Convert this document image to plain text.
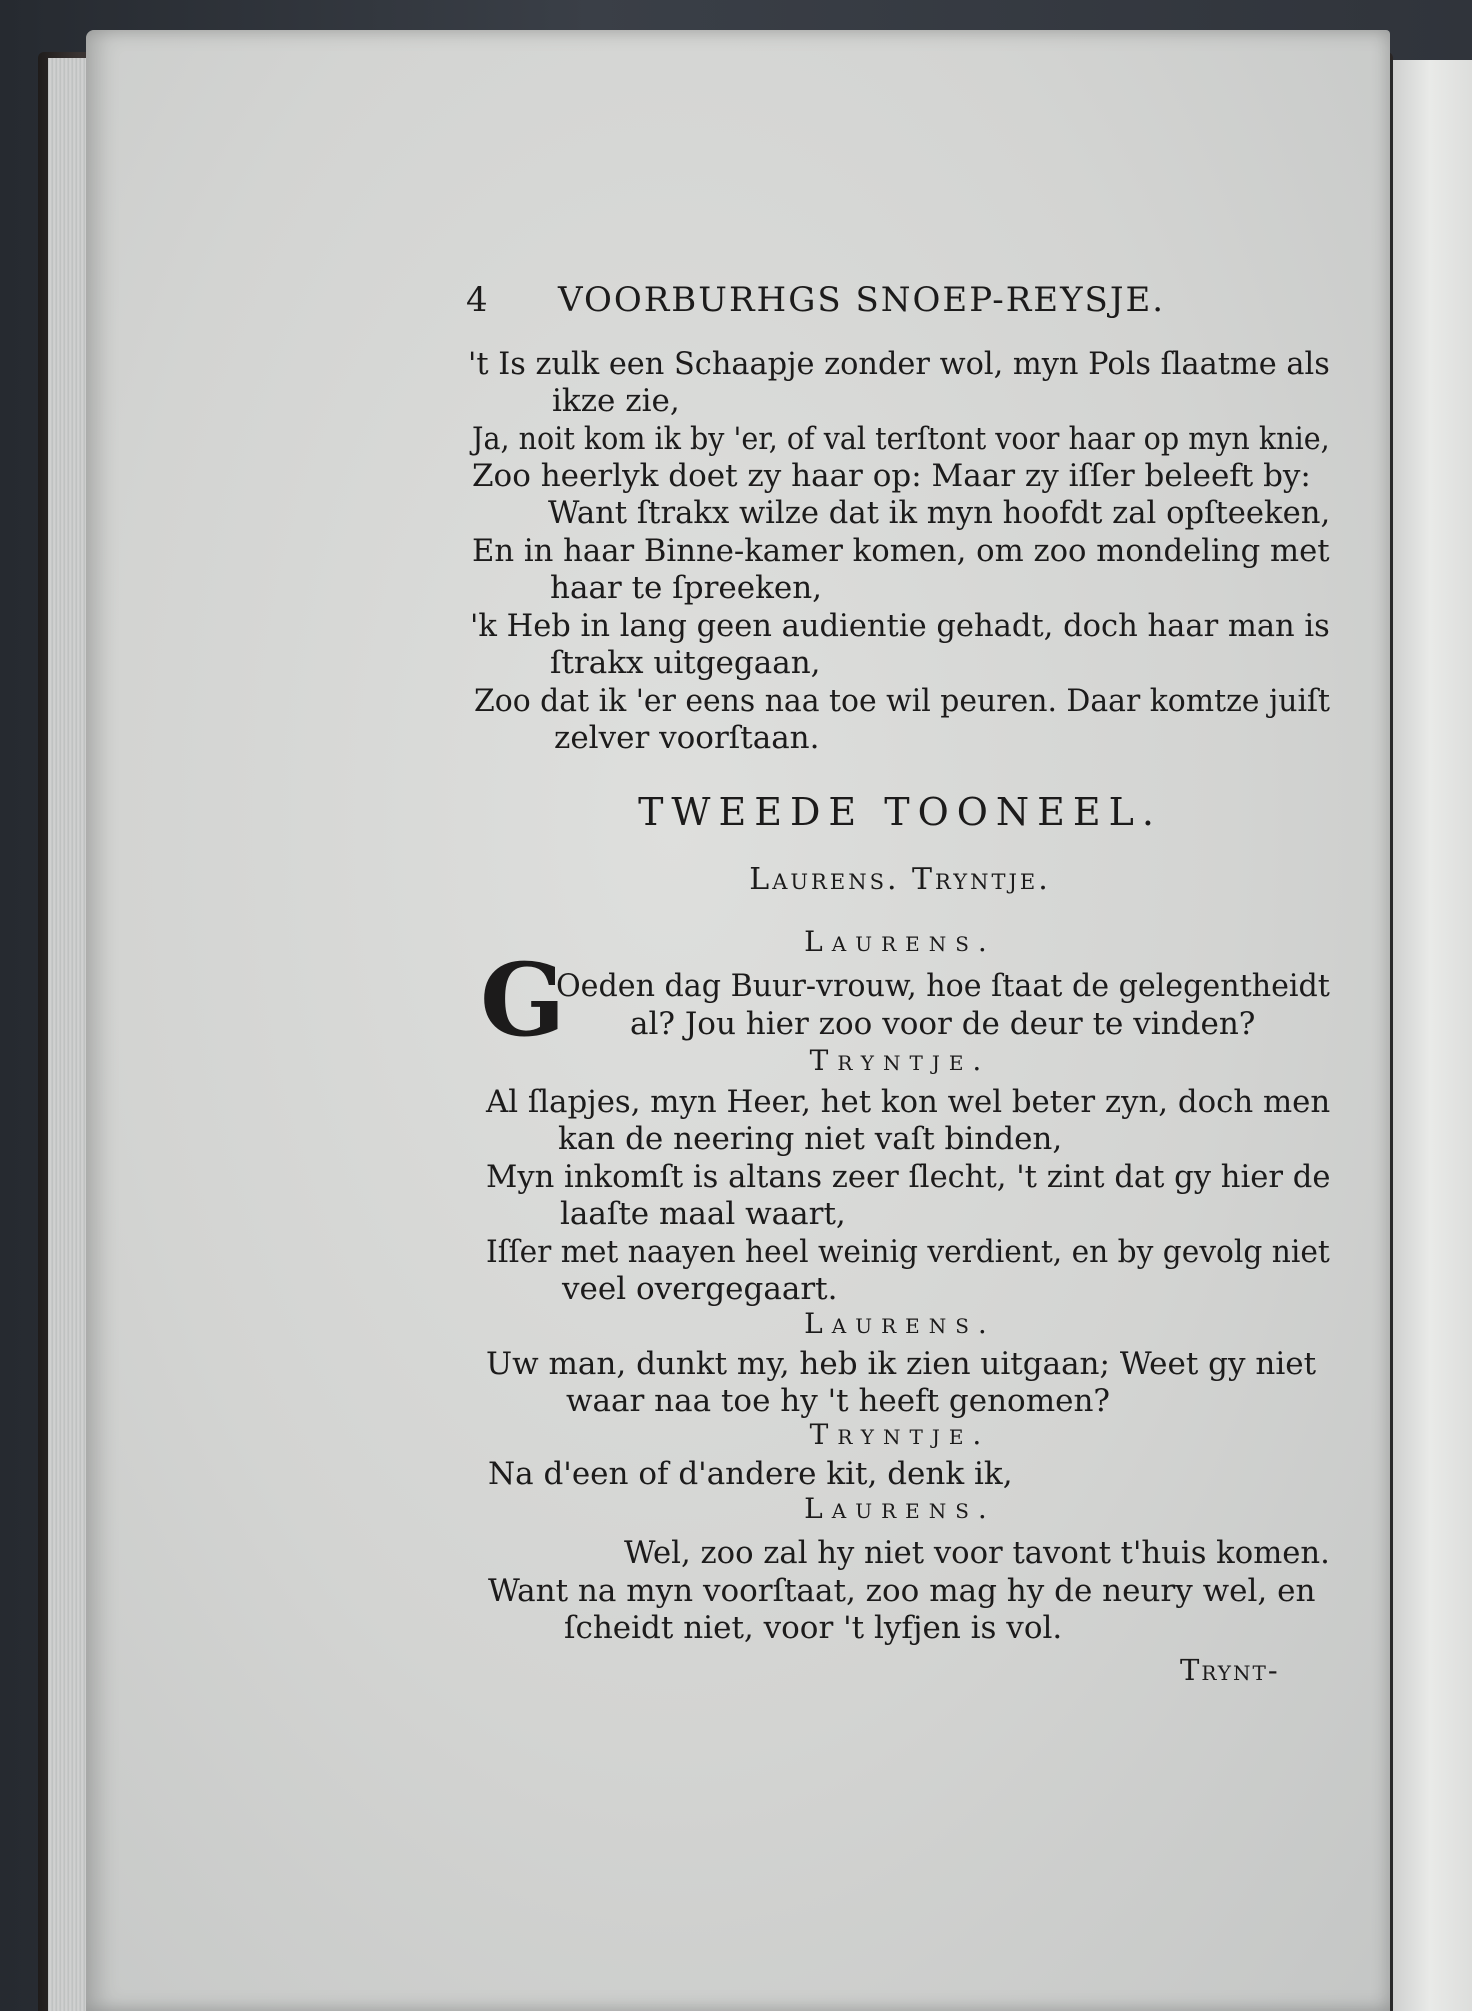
4 VOORBURHGS SNOEP-REYSJE.
't Is zulk een Schaapje zonder wol, myn Pols ſlaatme als
ikze zie,
Ja, noit kom ik by 'er, of val terſtont voor haar op myn knie,
Zoo heerlyk doet zy haar op: Maar zy iſſer beleeft by:
Want ſtrakx wilze dat ik myn hoofdt zal opſteeken,
En in haar Binne-kamer komen, om zoo mondeling met
haar te ſpreeken,
'k Heb in lang geen audientie gehadt, doch haar man is
ſtrakx uitgegaan,
Zoo dat ik 'er eens naa toe wil peuren. Daar komtze juiſt
zelver voorſtaan.
TWEEDE TOONEEL.
Laurens. Tryntje.
Laurens.
G
Oeden dag Buur-vrouw, hoe ſtaat de gelegentheidt
al? Jou hier zoo voor de deur te vinden?
Tryntje.
Al ſlapjes, myn Heer, het kon wel beter zyn, doch men
kan de neering niet vaſt binden,
Myn inkomſt is altans zeer ſlecht, 't zint dat gy hier de
laaſte maal waart,
Iſſer met naayen heel weinig verdient, en by gevolg niet
veel overgegaart.
Laurens.
Uw man, dunkt my, heb ik zien uitgaan; Weet gy niet
waar naa toe hy 't heeft genomen?
Tryntje.
Na d'een of d'andere kit, denk ik,
Laurens.
Wel, zoo zal hy niet voor tavont t'huis komen.
Want na myn voorſtaat, zoo mag hy de neury wel, en
ſcheidt niet, voor 't lyfjen is vol.
Trynt-
